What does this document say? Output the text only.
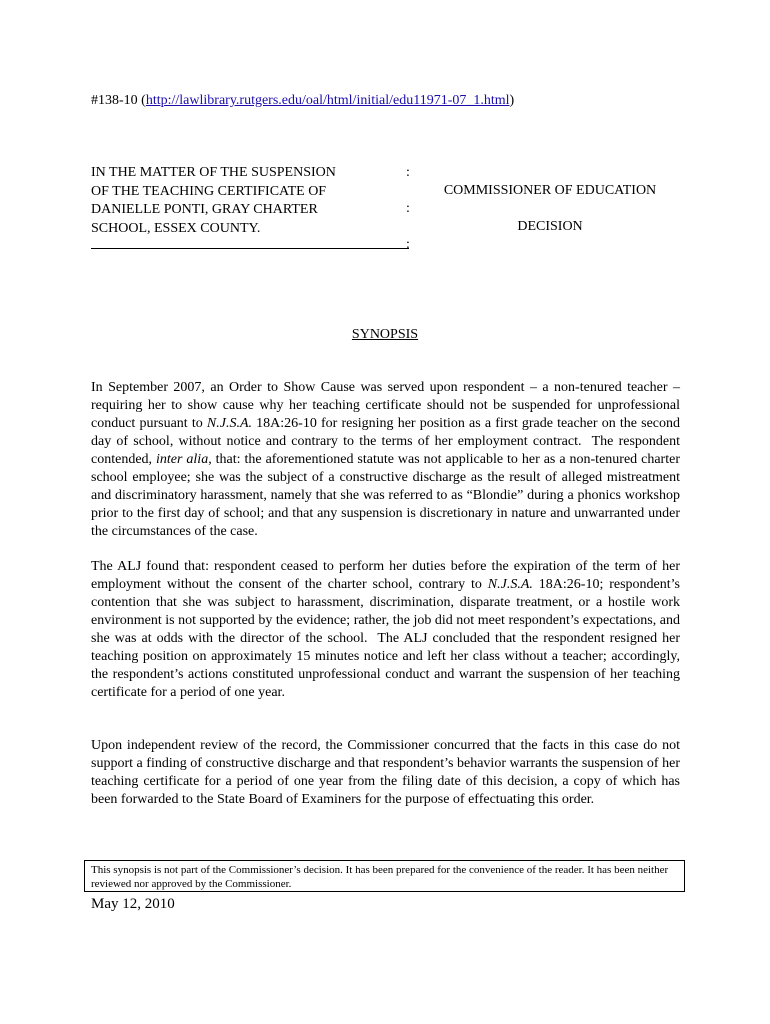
#138-10 (http://lawlibrary.rutgers.edu/oal/html/initial/edu11971-07_1.html)
IN THE MATTER OF THE SUSPENSION
OF THE TEACHING CERTIFICATE OF
DANIELLE PONTI, GRAY CHARTER
SCHOOL, ESSEX COUNTY.
:
:
:
COMMISSIONER OF EDUCATION
DECISION
SYNOPSIS

In September 2007, an Order to Show Cause was served upon respondent – a non-tenured teacher – requiring her to show cause why her teaching certificate should not be suspended for unprofessional conduct pursuant to N.J.S.A. 18A:26-10 for resigning her position as a first grade teacher on the second day of school, without notice and contrary to the terms of her employment contract.  The respondent contended, inter alia, that: the aforementioned statute was not applicable to her as a non-tenured charter school employee; she was the subject of a constructive discharge as the result of alleged mistreatment and discriminatory harassment, namely that she was referred to as “Blondie” during a phonics workshop prior to the first day of school; and that any suspension is discretionary in nature and unwarranted under the circumstances of the case.

The ALJ found that: respondent ceased to perform her duties before the expiration of the term of her employment without the consent of the charter school, contrary to N.J.S.A. 18A:26-10; respondent’s contention that she was subject to harassment, discrimination, disparate treatment, or a hostile work environment is not supported by the evidence; rather, the job did not meet respondent’s expectations, and she was at odds with the director of the school.  The ALJ concluded that the respondent resigned her teaching position on approximately 15 minutes notice and left her class without a teacher; accordingly, the respondent’s actions constituted unprofessional conduct and warrant the suspension of her teaching certificate for a period of one year.

Upon independent review of the record, the Commissioner concurred that the facts in this case do not support a finding of constructive discharge and that respondent’s behavior warrants the suspension of her teaching certificate for a period of one year from the filing date of this decision, a copy of which has been forwarded to the State Board of Examiners for the purpose of effectuating this order.

This synopsis is not part of the Commissioner’s decision. It has been prepared for the convenience of the reader. It has been neither reviewed nor approved by the Commissioner.
May 12, 2010
